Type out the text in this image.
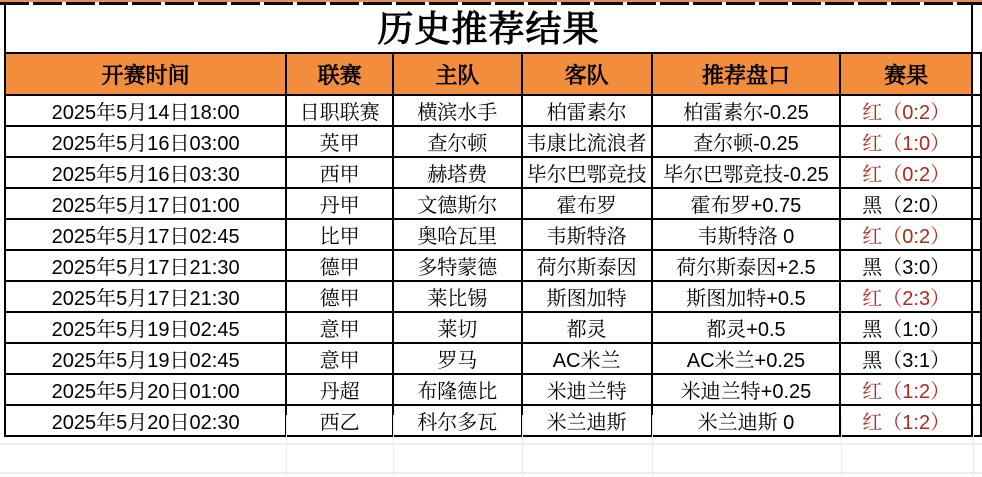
历史推荐结果
开赛时间	联赛	主队	客队	推荐盘口	赛果	
2025年5月14日18:00	日职联赛	横滨水手	柏雷素尔	柏雷素尔-0.25	红（0:2）	
2025年5月16日03:00	英甲	查尔顿	韦康比流浪者	查尔顿-0.25	红（1:0）	
2025年5月16日03:30	西甲	赫塔费	毕尔巴鄂竞技	毕尔巴鄂竞技-0.25	红（0:2）	
2025年5月17日01:00	丹甲	文德斯尔	霍布罗	霍布罗+0.75	黑（2:0）	
2025年5月17日02:45	比甲	奥哈瓦里	韦斯特洛	韦斯特洛 0	红（0:2）	
2025年5月17日21:30	德甲	多特蒙德	荷尔斯泰因	荷尔斯泰因+2.5	黑（3:0）	
2025年5月17日21:30	德甲	莱比锡	斯图加特	斯图加特+0.5	红（2:3）	
2025年5月19日02:45	意甲	莱切	都灵	都灵+0.5	黑（1:0）	
2025年5月19日02:45	意甲	罗马	AC米兰	AC米兰+0.25	黑（3:1）	
2025年5月20日01:00	丹超	布隆德比	米迪兰特	米迪兰特+0.25	红（1:2）	
2025年5月20日02:30	西乙	科尔多瓦	米兰迪斯	米兰迪斯 0	红（1:2）	
